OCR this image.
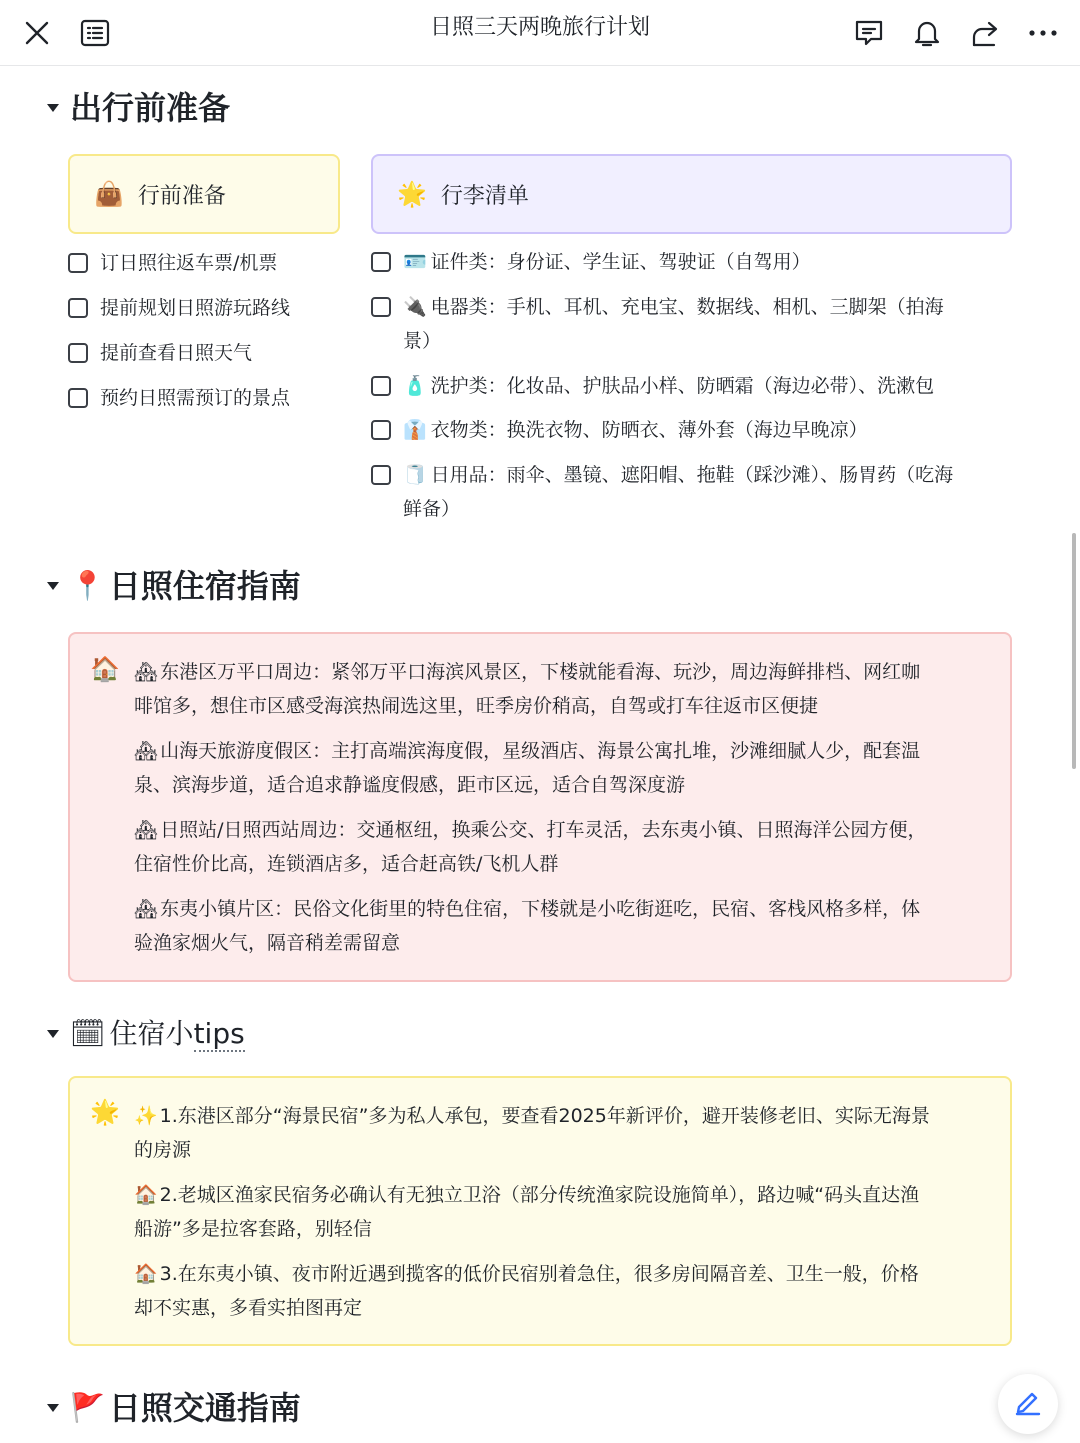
日照三天两晚旅行计划
出行前准备
👜 行前准备	🌟 行李清单
订日照往返车票/机票
提前规划日照游玩路线
提前查看日照天气
预约日照需预订的景点
🪪 证件类：身份证、学生证、驾驶证（自驾用）
🔌 电器类：手机、耳机、充电宝、数据线、相机、三脚架（拍海
景）
🧴 洗护类：化妆品、护肤品小样、防晒霜（海边必带）、洗漱包
👔 衣物类：换洗衣物、防晒衣、薄外套（海边早晚凉）
🧻 日用品：雨伞、墨镜、遮阳帽、拖鞋（踩沙滩）、肠胃药（吃海
鲜备）
📍 日照住宿指南
🏠 🏘 东港区万平口周边：紧邻万平口海滨风景区，下楼就能看海、玩沙，周边海鲜排档、网红咖
啡馆多，想住市区感受海滨热闹选这里，旺季房价稍高，自驾或打车往返市区便捷
🏘 山海天旅游度假区：主打高端滨海度假，星级酒店、海景公寓扎堆，沙滩细腻人少，配套温
泉、滨海步道，适合追求静谧度假感，距市区远，适合自驾深度游
🏘 日照站/日照西站周边：交通枢纽，换乘公交、打车灵活，去东夷小镇、日照海洋公园方便，
住宿性价比高，连锁酒店多，适合赶高铁/飞机人群
🏘 东夷小镇片区：民俗文化街里的特色住宿，下楼就是小吃街逛吃，民宿、客栈风格多样，体
验渔家烟火气，隔音稍差需留意
🗓 住宿小tips
🌟 ✨ 1.东港区部分“海景民宿”多为私人承包，要查看2025年新评价，避开装修老旧、实际无海景
的房源
🏠 2.老城区渔家民宿务必确认有无独立卫浴（部分传统渔家院设施简单），路边喊“码头直达渔
船游”多是拉客套路，别轻信
🏠 3.在东夷小镇、夜市附近遇到揽客的低价民宿别着急住，很多房间隔音差、卫生一般，价格
却不实惠，多看实拍图再定
🚩 日照交通指南
